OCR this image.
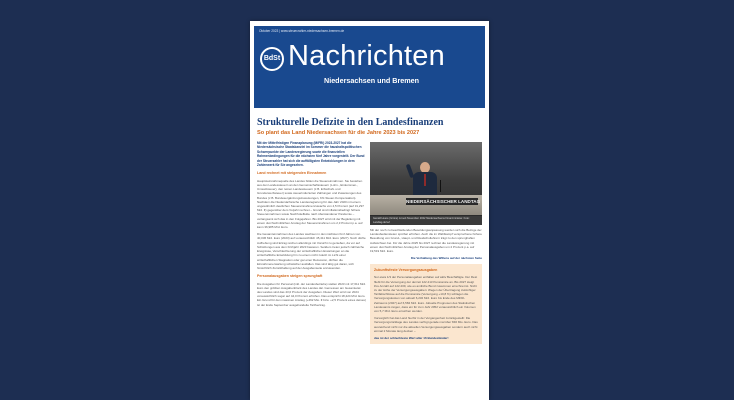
Oktober 2023 | www.steuerzahler-niedersachsen-bremen.de
BdSt Nachrichten
Niedersachsen und Bremen
Strukturelle Defizite in den Landesfinanzen
So plant das Land Niedersachsen für die Jahre 2023 bis 2027

Mit der Mittelfristigen Finanzplanung (MiFRi) 2023-2027 hat die Niedersächsische Staatskanzlei im Sommer die haushaltspolitischen Schwerpunkte der Landesregierung sowie die finanziellen Rahmenbedingungen für die nächsten fünf Jahre vorgestellt. Der Bund der Steuerzahler hat sich die auffälligsten Entwicklungen in dem Zahlenwerk für Sie angesehen.

Land rechnet mit steigenden Einnahmen

Hauptsteinnahmequelle des Landes bilden die Steuereinnahmen. Sie bestehen aus den Landessteuern an den Gemeinschaftssteuern (Lohn-, Einkommen-, Umsatzsteuer), den reinen Landessteuern (z.B. Erbschaft- und Grunderwerbsteuer) sowie steuerinduzierten Zahlungen und Zuweisungen des Bundes (z.B. Bundesergänzungszuweisungen, Kfz-Steuer-Kompensation). Nachdem die Niedersächsische Landesregierung für das Jahr 2020 mit einem ungewöhnlich deutlichen Steuereinnahmenzuwachs von 4,5 Prozent (auf 31,297 Mrd. €) gegenüber dem Vorjahr rechnet – Grund sind inflationsbedingt höhere Steuereinnahmen sowie Nachholeffekte nach überstandener Pandemie – verlangsamt sich das in den Folgejahren. Bis 2027 wird mit der Begleitung mit einem durchschnittlichen Anstieg der Steuereinnahmen um 2,3 Prozent p.a. auf kann 36,985 Mrd. Euro.

Die Gesamteinnahmen des Landes wachsen in den nächsten fünf Jahren von 40,036 Mrd. Euro (2023) auf voraussichtlich 45,411 Mrd. Euro (2027). Noch dürfte Aufhebung sind Ertrag reichen allerdings mit Vorsicht zu genießen, da vor auf Schätzungen aus dem Frühjahr 2023 basieren. Seitdem treten jedoch zahlreiche Ereignisse, Verschlechterung der wirtschaftlichen Erwartungen an die wirtschaftliche Entwicklung hin zu einem nicht zuletzt im Licht einer wirtschaftlichen Stagnation oder gar einer Rezession, dürften die Einnahmenerwartung schwächer ausfallen. Das sind tätig gut daran, sich hinsichtlich Zurückhaltung auf der Ausgabenseite anzuwenden.

Personalausgaben steigen sprunghaft

Die Ausgaben für Personal (inkl. der Landesbetriebe) stellen 2023 mit 17,611 Mrd. Euro den größten Ausgabenblock des Landes dar. Gemessen am Gesamtetat des Landes sind das 43,0 Prozent der Ausgaben. Dieser Wert wird von 2024 voraussichtlich sogar auf 44,0 Prozent erhöhen. Das entspricht 18,424 Mrd. Euro. Ein Grund für den massiven Anstieg (+462 Mio. € bzw. +2,5 Prozent eines deines) ist der Ende September ausgehandelte Tarifvertrag.

NIEDERSÄCHSISCHER LANDTAG
Gerald Heere (Grüne) ist seit November 2022 Niedersachsens Finanzminister. Foto: Landtag.de/vvl

Mit der noch zu beschließenden Besoldungsanpassung werden sich die Bezüge der Landesbediensteten spürbar erhöhen. Auch die im Wahlkampf versprochene höhere Besoldung von Grund-, Haupt- und Realschullehrern trägt zu den sprunghaften Aufwüchsen bei. Für die Jahre 2025 bis 2027 rechnet die Landesregierung mit einem durchschnittlichen Anstieg der Personalausgaben um 2 Prozent p.a. auf 19,519 Mrd. Euro.

Die Verhaltung des Willens auf der nächsten Seite

Zukunftsfeste Versorgungsausgaben

Nur etwa 1/3 der Personalausgaben entfallen auf aktiv Beschäftigte. Der Rest fließt für die Versorgung der derzeit 122.413 Pensionäre an. Bis 2027 steigt ihre Anzahl auf 122.209, wie es amtliche Bund zusammen errechnet ist. Nicht zu der Höhe der Versorgungsausgaben: Wegen der Übertragung zukünftiger Tarifabschlüsse auf die Pensionäre (Versorgung +10,8 %) schlagen die Versorgungskosten von aktuell 6,232 Mrd. Euro bis Ende des MiFRi-Zeitraums (2027) auf 6,584 Mrd. Euro. Aktuelle Prognosen des Statistischen Landesamts zeigen, dass ein für zum Jahr 2052 voraussichtlich ein Volumen von 5,7 Mrd. Euro erreichen werden.

Vorsorglich hat das Land hierfür in der Vergangenheit zurückgestellt: Die Versorgungsrücklage des Landes verfügt gerade mal über 846 Mio. Euro. Das ausreichend nicht nur die aktuellen Versorgungsausgaben sondern auch nicht einmal 2 Monate lang decken –

das ist der schlechteste Wert aller 16 Bundesländer!
